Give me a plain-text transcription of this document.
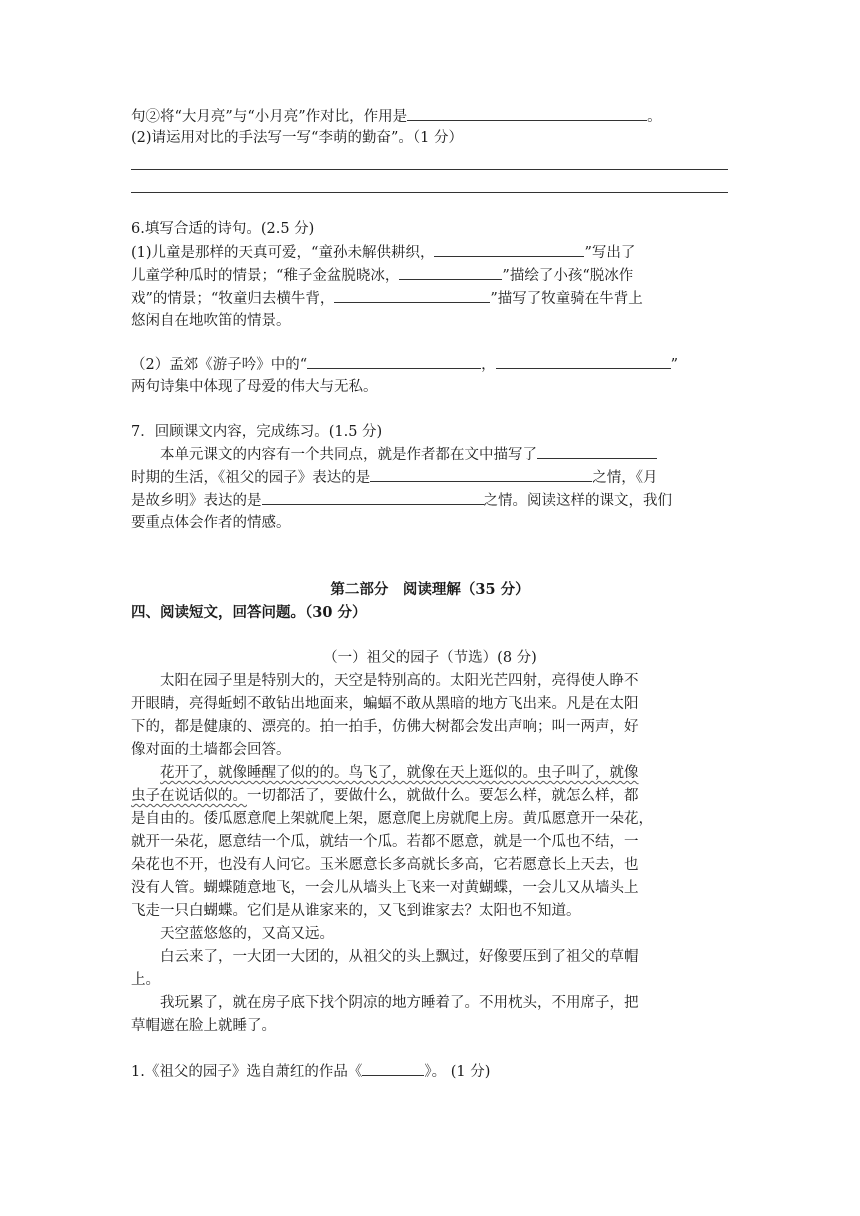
句②将“大月亮”与“小月亮”作对比，作用是	。
(2)请运用对比的手法写一写“李萌的勤奋”。（1 分）
6.填写合适的诗句。(2.5 分)
(1)儿童是那样的天真可爱，“童孙未解供耕织，	”写出了
儿童学种瓜时的情景；“稚子金盆脱晓冰，	”描绘了小孩“脱冰作
戏”的情景；“牧童归去横牛背，	”描写了牧童骑在牛背上
悠闲自在地吹笛的情景。
（2）孟郊《游子吟》中的“	，	”
两句诗集中体现了母爱的伟大与无私。
7．回顾课文内容，完成练习。(1.5 分)
本单元课文的内容有一个共同点，就是作者都在文中描写了
时期的生活，《祖父的园子》表达的是	之情，《月
是故乡明》表达的是	之情。阅读这样的课文，我们
要重点体会作者的情感。
第二部分　阅读理解（35 分）
四、阅读短文，回答问题。（30 分）
（一）祖父的园子（节选）(8 分)
太阳在园子里是特别大的，天空是特别高的。太阳光芒四射，亮得使人睁不
开眼睛，亮得蚯蚓不敢钻出地面来，蝙蝠不敢从黑暗的地方飞出来。凡是在太阳
下的，都是健康的、漂亮的。拍一拍手，仿佛大树都会发出声响；叫一两声，好
像对面的土墙都会回答。
花开了，就像睡醒了似的的。鸟飞了，就像在天上逛似的。虫子叫了，就像
虫子在说话似的。一切都活了，要做什么，就做什么。要怎么样，就怎么样，都
是自由的。倭瓜愿意爬上架就爬上架，愿意爬上房就爬上房。黄瓜愿意开一朵花，
就开一朵花，愿意结一个瓜，就结一个瓜。若都不愿意，就是一个瓜也不结，一
朵花也不开，也没有人问它。玉米愿意长多高就长多高，它若愿意长上天去，也
没有人管。蝴蝶随意地飞，一会儿从墙头上飞来一对黄蝴蝶，一会儿又从墙头上
飞走一只白蝴蝶。它们是从谁家来的，又飞到谁家去？太阳也不知道。
天空蓝悠悠的，又高又远。
白云来了，一大团一大团的，从祖父的头上飘过，好像要压到了祖父的草帽
上。
我玩累了，就在房子底下找个阴凉的地方睡着了。不用枕头，不用席子，把
草帽遮在脸上就睡了。
1.《祖父的园子》选自萧红的作品《	》。 (1 分)
